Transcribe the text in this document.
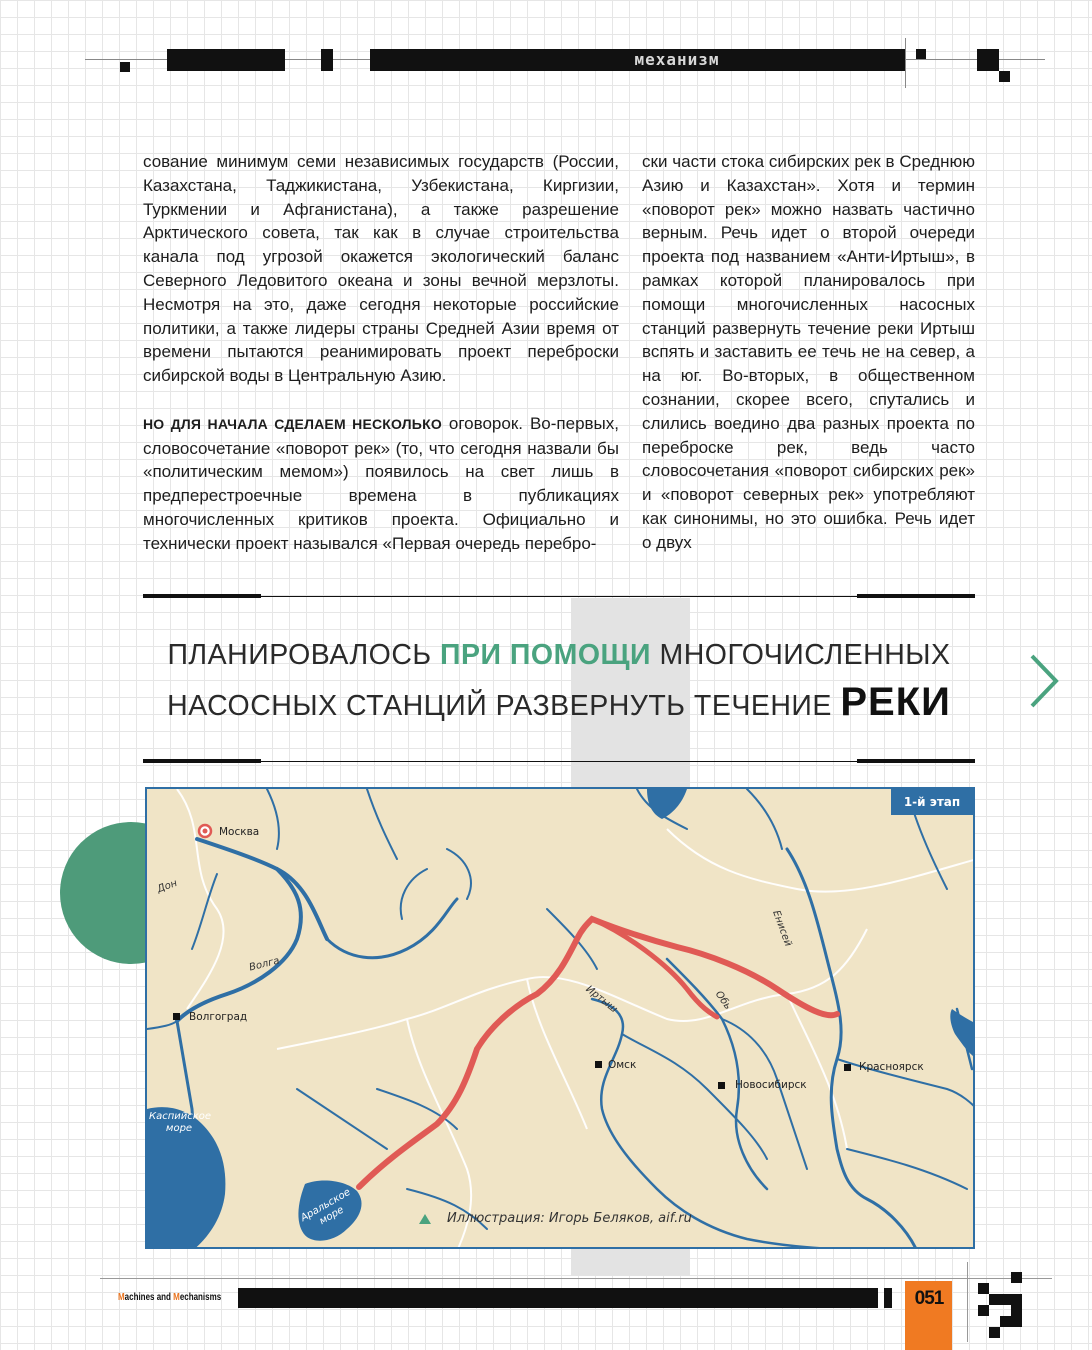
механизм

сование минимум семи независимых государств (России, Казахстана, Таджикистана, Узбекистана, Киргизии, Туркмении и Афганистана), а также разрешение Арктического совета, так как в случае строительства канала под угрозой окажется экологический баланс Северного Ледовитого океана и зоны вечной мерзлоты. Несмотря на это, даже сегодня некоторые российские политики, а также лидеры страны Средней Азии время от времени пытаются реанимировать проект переброски сибирской воды в Центральную Азию.

НО ДЛЯ НАЧАЛА СДЕЛАЕМ НЕСКОЛЬКО оговорок. Во-первых, словосочетание «поворот рек» (то, что сегодня назвали бы «политическим мемом») появилось на свет лишь в предперестроечные времена в публикациях многочисленных критиков проекта. Официально и технически проект назывался «Первая очередь перебро-

ски части стока сибирских рек в Среднюю Азию и Казахстан». Хотя и термин «поворот рек» можно назвать частично верным. Речь идет о второй очереди проекта под названием «Анти-Иртыш», в рамках которой планировалось при помощи многочисленных насосных станций развернуть течение реки Иртыш вспять и заставить ее течь не на север, а на юг. Во-вторых, в общественном сознании, скорее всего, спутались и слились воедино два разных проекта по переброске рек, ведь часто словосочетания «поворот сибирских рек» и «поворот северных рек» употребляют как синонимы, но это ошибка. Речь идет о двух

ПЛАНИРОВАЛОСЬ ПРИ ПОМОЩИ МНОГОЧИСЛЕННЫХ
НАСОСНЫХ СТАНЦИЙ РАЗВЕРНУТЬ ТЕЧЕНИЕ РЕКИ
1-й этап
Москва
Волгоград
Омск
Новосибирск
Красноярск
Дон
Волга
Иртыш	Обь
Енисей
Каспийское море
Аральское море	Иллюстрация: Игорь Беляков, aif.ru
Machines and Mechanisms	051
